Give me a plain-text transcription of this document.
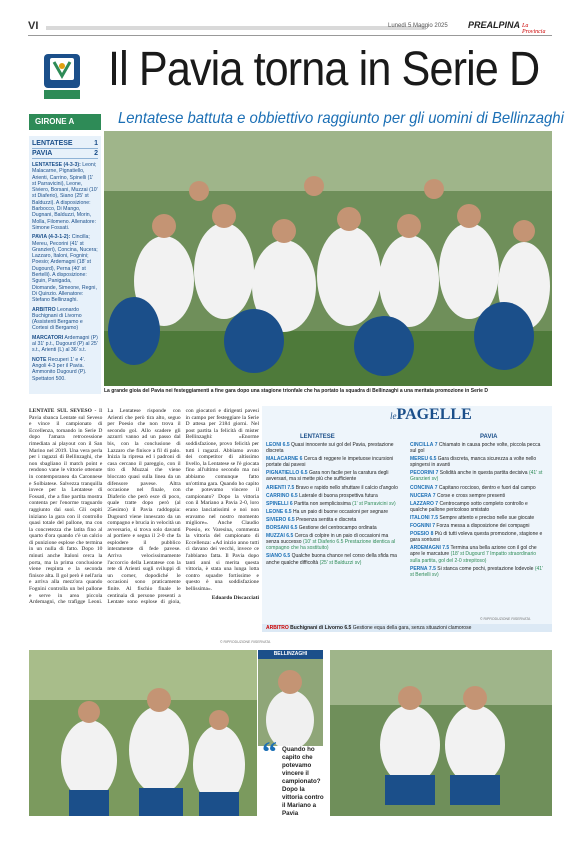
VI	Lunedì 5 Maggio 2025 PREALPINA La Provincia
Il Pavia torna in Serie D
GIRONE A	Lentatese battuta e obbiettivo raggiunto per gli uomini di Bellinzaghi
LENTATESE	1
PAVIA	2
LENTATESE (4-3-3): Leoni; Malacarne, Pignatiello, Arienti, Carrino, Spinelli (1' st Parravicini), Leone, Siviero, Borsani, Muzzai (10' st Diaferio), Siano (25' st Balduzzi). A disposizione: Barbocco, Di Mango, Dugnani, Balduzzi, Morin, Molla, Filomeno. Allenatore: Simone Fossati.
PAVIA (4-3-1-2): Cincilla; Mereu, Pecorini (41' st Granzieri), Concina, Nucera; Lazzaro, Italoni, Fognini; Poesio; Ardemagni (18' st Dugourd), Perna (40' st Bertelli). A disposizione: Sguin, Panigada, Diomande, Simeone, Regni, Di Quinzio. Allenatore: Stefano Bellinzaghi.
ARBITRO Leonardo Buchignani di Livorno (Assistenti Bergamo e Cortesi di Bergamo)
MARCATORI Ardemagni (P) al 31' p.t., Dugourd (P) al 25' s.t., Arienti (L) al 36' s.t.
NOTE Recuperi 1' e 4'. Angoli 4-3 per il Pavia. Ammonito Dugourd (P). Spettatori 500.
La grande gioia del Pavia nei festeggiamenti a fine gara dopo una stagione trionfale che ha portato la squadra di Bellinzaghi a una meritata promozione in Serie D
LENTATE SUL SEVESO - Il Pavia sbanca Lentate sul Seveso e vince il campionato di Eccellenza, tornando in Serie D dopo l'amara retrocessione rimediata ai playout con il San Marino nel 2019. Una vera perla per i ragazzi di Bellinzaghi, che non sbagliano il match point e rendono vane le vittorie ottenute in contemporanea da Caronnese e Solbiatese. Salvezza tranquilla invece per la Lentatese di Fossati, che a fine partita mostra contenta per l'enorme traguardo raggiunto dai suoi. Gli ospiti iniziano la gara con il controllo quasi totale del pallone, ma con la concretezza che latita fino al quarto d'ora quando c'è un calcio di punizione esplose che termina in un nulla di fatto. Dopo 10 minuti anche Italoni cerca la porta, ma la prima conclusione viene respinta e la seconda finisce alta. Il gol però è nell'aria e arriva alla mezz'ora quando Fognini controlla un bel pallone e serve in area piccola Ardemagni, che trafigge Leoni. La Lentatese risponde con Arienti che però tira alto, seguo per Poesio che non trova il secondo gol. Allo scadere gli azzurri vanno ad un passo dal bis, con la conclusione di Lazzaro che finisce a fil di palo. Inizia la ripresa ed i padroni di casa cercano il pareggio, con il tiro di Muzzai che viene bloccato quasi sulla linea da un difensore pavese. Altra occasione nel finale, con Diaferio che però esce di poco, quale tratte dopo però (al 25esimo) il Pavia raddoppia: Dugourd viene innescato da un compagno e brucia in velocità un avversario, si trova solo davanti al portiere e segna il 2-0 che fa esplodere il pubblico interamente di fede pavese. Arriva velocissimamente l'accorcio della Lentatese con la rete di Arienti sugli sviluppi di un corner, dopodiché le occasioni sono praticamente finite. Al fischio finale le centinaia di persone presenti a Lentate sono esplose di gioia, con giocatori e dirigenti pavesi in campo per festeggiare la Serie D attesa per 2184 giorni. Nel post partita la felicità di mister Bellinzaghi: «Enorme soddisfazione, provo felicità per tutti i ragazzi. Abbiamo avuto dei competitor di altissimo livello, la Lentatese se l'è giocata fino all'ultimo secondo ma noi abbiamo comunque fatto un'ottima gara. Quando ho capito che potevamo vincere il campionato? Dopo la vittoria con il Mariano a Pavia 2-0, loro erano lanciatissimi e noi non eravamo nel nostro momento migliore». Anche Claudio Poesio, ex Varesina, commenta la vittoria del campionato di Eccellenza: «Ad inizio anno tutti ci davano dei vecchi, invece ce l'abbiamo fatta. Il Pavia dopo tanti anni si merita questa vittoria, è stata una lunga lotta contro squadre fortissime e questo è una soddisfazione bellissima».
Edoardo Discacciati
© RIPRODUZIONE RISERVATA
lePAGELLE
LENTATESE	PAVIA
LEONI 6.5 Quasi innocente sui gol del Pavia, prestazione discreta
MALACARNE 6 Cerca di reggere le impetuose incursioni portate dai pavesi
PIGNATIELLO 6.5 Gara non facile per la caratura degli avversari, ma si mette più che sufficiente
ARIENTI 7.5 Bravo e rapido nello sfruttare il calcio d'angolo
CARRINO 6.5 Laterale di buona prospettiva futura
SPINELLI 6 Partita non semplicissima (1' st Parravicini sv)
LEONE 6.5 Ha un paio di buone occasioni per segnare
SIVIERO 6.5 Presenza sentita e discreta
BORSANI 6.5 Gestione del centrocampo ordinata
MUZZAI 6.5 Cerca di colpire in un paio di occasioni ma senza successo (10' st Diaferio 6.5 Prestazione identica al compagno che ha sostituito)
SIANO 6.5 Qualche buona chance nel corso della sfida ma anche qualche difficoltà (25' st Balduzzi sv)
CINCILLA 7 Chiamato in causa poche volte, piccola pecca sul gol
MEREU 6.5 Gara discreta, manca sicurezza a volte nello spingersi in avanti
PECORINI 7 Solidità anche in questa partita decisiva (41' st Granzieri sv)
CONCINA 7 Capitano roccioso, dentro e fuori dal campo
NUCERA 7 Corse e cross sempre presenti
LAZZARO 7 Centrocampo sotto completo controllo e qualche pallone pericoloso smistato
ITALONI 7.5 Sempre attento e preciso nelle sue giocate
FOGNINI 7 Forza messa a disposizione dei compagni
POESIO 8 Più di tutti voleva questa promozione, stagione e gara sontuosi
ARDEMAGNI 7.5 Termina una bella azione con il gol che apre le marcature (18' st Dugourd 7 Impatto straordinario sulla partita, gol del 2-0 strepitoso)
PERNA 7.5 Si stanca come pochi, prestazione lodevole (41' st Bertelli sv)
© RIPRODUZIONE RISERVATA
ARBITRO Buchignani di Livorno 6.5 Gestione equa della gara, senza situazioni clamorose
BELLINZAGHI
“ Quando ho capito che potevamo vincere il campionato? Dopo la vittoria contro il Mariano a Pavia
